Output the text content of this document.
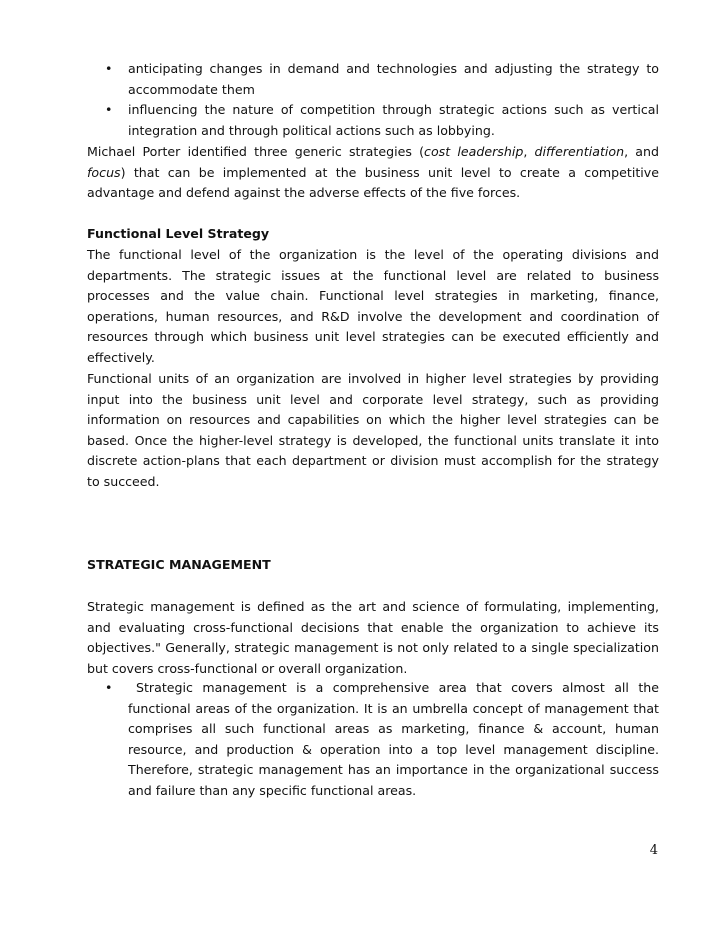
• anticipating changes in demand and technologies and adjusting the strategy to accommodate them
• influencing the nature of competition through strategic actions such as vertical integration and through political actions such as lobbying.

Michael Porter identified three generic strategies (cost leadership, differentiation, and focus) that can be implemented at the business unit level to create a competitive advantage and defend against the adverse effects of the five forces.

Functional Level Strategy

The functional level of the organization is the level of the operating divisions and departments. The strategic issues at the functional level are related to business processes and the value chain. Functional level strategies in marketing, finance, operations, human resources, and R&D involve the development and coordination of resources through which business unit level strategies can be executed efficiently and effectively.

Functional units of an organization are involved in higher level strategies by providing input into the business unit level and corporate level strategy, such as providing information on resources and capabilities on which the higher level strategies can be based. Once the higher-level strategy is developed, the functional units translate it into discrete action-plans that each department or division must accomplish for the strategy to succeed.

STRATEGIC MANAGEMENT

Strategic management is defined as the art and science of formulating, implementing, and evaluating cross-functional decisions that enable the organization to achieve its objectives." Generally, strategic management is not only related to a single specialization but covers cross-functional or overall organization.

• Strategic management is a comprehensive area that covers almost all the functional areas of the organization. It is an umbrella concept of management that comprises all such functional areas as marketing, finance & account, human resource, and production & operation into a top level management discipline. Therefore, strategic management has an importance in the organizational success and failure than any specific functional areas.
4
